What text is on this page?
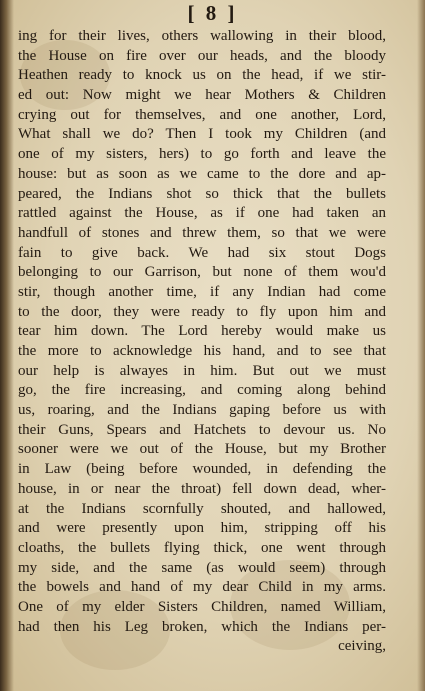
[ 8 ]
ing for their lives, others wallowing in their blood,
the House on fire over our heads, and the bloody
Heathen ready to knock us on the head, if we stir-
ed out: Now might we hear Mothers & Children
crying out for themselves, and one another, Lord,
What shall we do? Then I took my Children (and
one of my sisters, hers) to go forth and leave the
house: but as soon as we came to the dore and ap-
peared, the Indians shot so thick that the bullets
rattled against the House, as if one had taken an
handfull of stones and threw them, so that we were
fain to give back. We had six stout Dogs
belonging to our Garrison, but none of them wou'd
stir, though another time, if any Indian had come
to the door, they were ready to fly upon him and
tear him down. The Lord hereby would make us
the more to acknowledge his hand, and to see that
our help is alwayes in him. But out we must
go, the fire increasing, and coming along behind
us, roaring, and the Indians gaping before us with
their Guns, Spears and Hatchets to devour us. No
sooner were we out of the House, but my Brother
in Law (being before wounded, in defending the
house, in or near the throat) fell down dead, wher-
at the Indians scornfully shouted, and hallowed,
and were presently upon him, stripping off his
cloaths, the bullets flying thick, one went through
my side, and the same (as would seem) through
the bowels and hand of my dear Child in my arms.
One of my elder Sisters Children, named William,
had then his Leg broken, which the Indians per-
ceiving,
